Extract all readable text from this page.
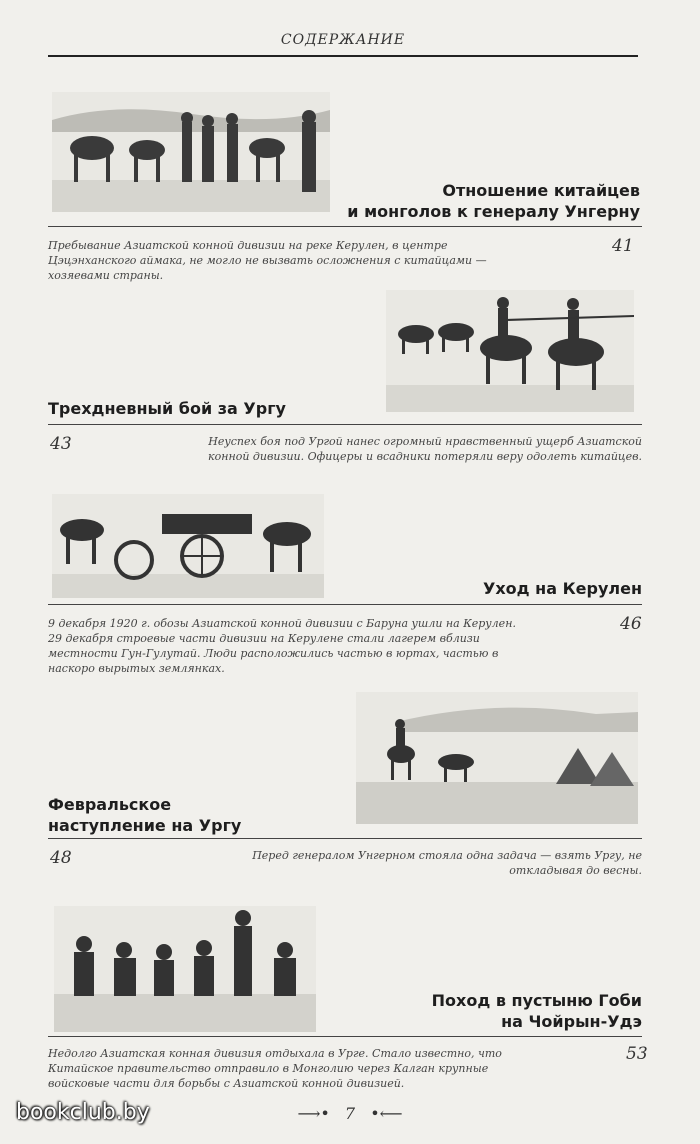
СОДЕРЖАНИЕ
Отношение китайцев
и монголов к генералу Унгерну
41
Пребывание Азиатской конной дивизии на реке Керулен, в центре Цэцэнханского аймака, не могло не вызвать осложнения с китайцами — хозяевами страны.
Трехдневный бой за Ургу
43	Неуспех боя под Ургой нанес огромный нравственный ущерб Азиатской конной дивизии. Офицеры и всадники потеряли веру одолеть китайцев.
Уход на Керулен
9 декабря 1920 г. обозы Азиатской конной дивизии с Баруна ушли на Керулен. 29 декабря строевые части дивизии на Керулене стали лагерем вблизи местности Гун-Гулутай. Люди расположились частью в юртах, частью в наскоро вырытых землянках.
46
Февральское
наступление на Ургу
48	Перед генералом Унгерном стояла одна задача — взять Ургу, не откладывая до весны.
Поход в пустыню Гоби
на Чойрын-Удэ
Недолго Азиатская конная дивизия отдыхала в Урге. Стало известно, что Китайское правительство отправило в Монголию через Калган крупные войсковые части для борьбы с Азиатской конной дивизией.
53
⟶• 7 •⟵
bookclub.by
